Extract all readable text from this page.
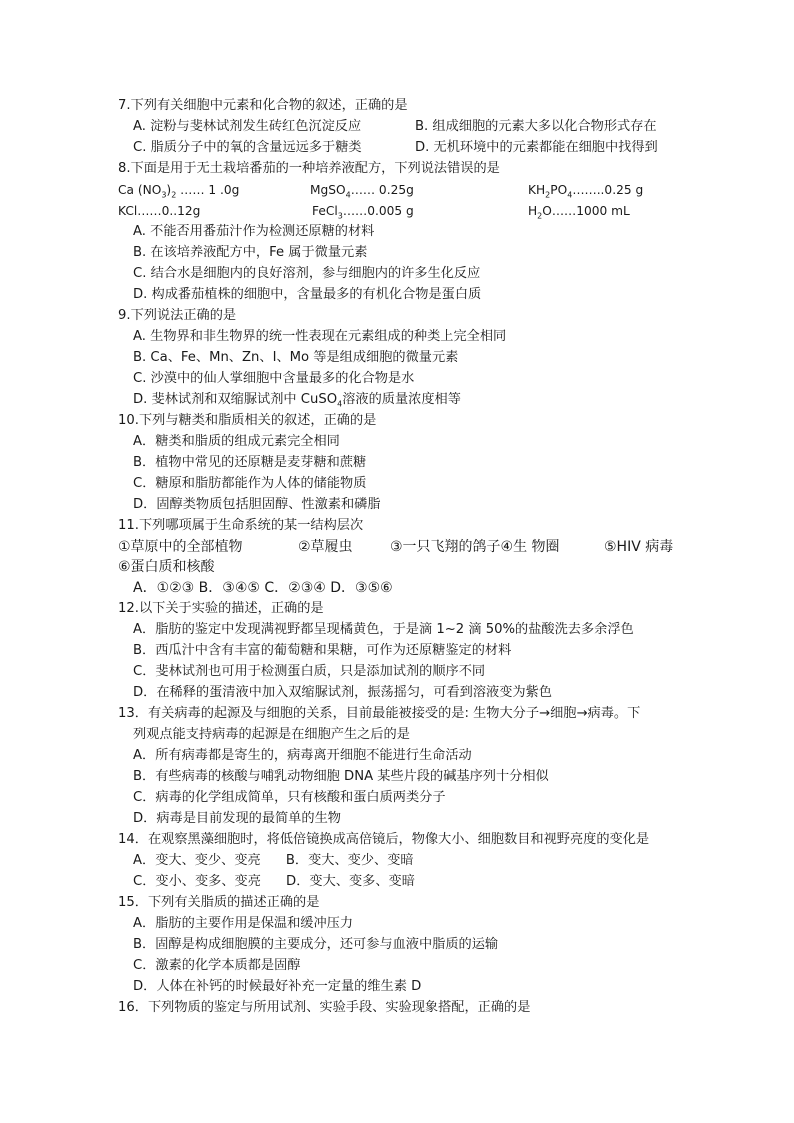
7.下列有关细胞中元素和化合物的叙述，正确的是
A. 淀粉与斐林试剂发生砖红色沉淀反应	B. 组成细胞的元素大多以化合物形式存在
C. 脂质分子中的氧的含量远远多于糖类	D. 无机环境中的元素都能在细胞中找得到
8.下面是用于无土栽培番茄的一种培养液配方，下列说法错误的是
Ca $(NO_3)_2$ …… 1 .0g	MgSO$_4$…… 0.25g	$KH_2PO_4\dots\dots..0.25$ g
KCl……0..12g	FeCl$_3$……0.005 g	$H_2O\dots\dots 1000$ mL
A. 不能否用番茄汁作为检测还原糖的材料
B. 在该培养液配方中，Fe 属于微量元素
C. 结合水是细胞内的良好溶剂，参与细胞内的许多生化反应
D. 构成番茄植株的细胞中，含量最多的有机化合物是蛋白质
9.下列说法正确的是
A. 生物界和非生物界的统一性表现在元素组成的种类上完全相同
B. Ca、Fe、Mn、Zn、I、Mo 等是组成细胞的微量元素
C. 沙漠中的仙人掌细胞中含量最多的化合物是水
D. 斐林试剂和双缩脲试剂中 CuSO$_4$溶液的质量浓度相等
10.下列与糖类和脂质相关的叙述，正确的是
A．糖类和脂质的组成元素完全相同
B．植物中常见的还原糖是麦芽糖和蔗糖
C．糖原和脂肪都能作为人体的储能物质
D．固醇类物质包括胆固醇、性激素和磷脂
11.下列哪项属于生命系统的某一结构层次
①草原中的全部植物	②草履虫	③一只飞翔的鸽子④生 物圈	⑤HIV 病毒
⑥蛋白质和核酸
A．①②③ B．③④⑤ C．②③④ D．③⑤⑥
12.以下关于实验的描述，正确的是
A．脂肪的鉴定中发现满视野都呈现橘黄色，于是滴 1~2 滴 50%的盐酸洗去多余浮色
B．西瓜汁中含有丰富的葡萄糖和果糖，可作为还原糖鉴定的材料
C．斐林试剂也可用于检测蛋白质，只是添加试剂的顺序不同
D．在稀释的蛋清液中加入双缩脲试剂，振荡摇匀，可看到溶液变为紫色
13．有关病毒的起源及与细胞的关系，目前最能被接受的是: 生物大分子→细胞→病毒。下
列观点能支持病毒的起源是在细胞产生之后的是
A．所有病毒都是寄生的，病毒离开细胞不能进行生命活动
B．有些病毒的核酸与哺乳动物细胞 DNA 某些片段的碱基序列十分相似
C．病毒的化学组成简单，只有核酸和蛋白质两类分子
D．病毒是目前发现的最简单的生物
14．在观察黑藻细胞时，将低倍镜换成高倍镜后，物像大小、细胞数目和视野亮度的变化是
A．变大、变少、变亮      B．变大、变少、变暗
C．变小、变多、变亮      D．变大、变多、变暗
15．下列有关脂质的描述正确的是
A．脂肪的主要作用是保温和缓冲压力
B．固醇是构成细胞膜的主要成分，还可参与血液中脂质的运输
C．激素的化学本质都是固醇
D．人体在补钙的时候最好补充一定量的维生素 D
16．下列物质的鉴定与所用试剂、实验手段、实验现象搭配，正确的是
